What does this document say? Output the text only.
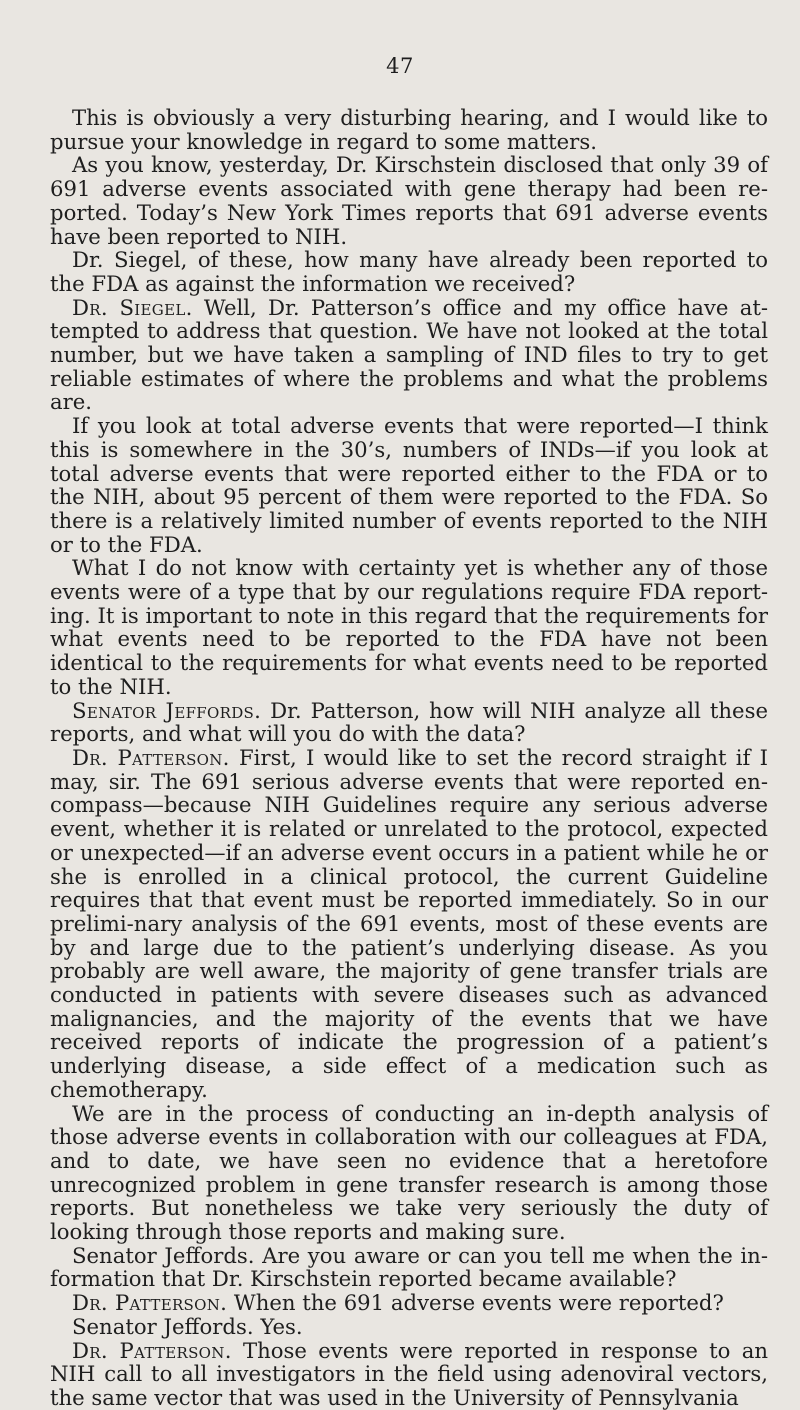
47

This is obviously a very disturbing hearing, and I would like to pursue your knowledge in regard to some matters.

As you know, yesterday, Dr. Kirschstein disclosed that only 39 of 691 adverse events associated with gene therapy had been re-ported. Today’s New York Times reports that 691 adverse events have been reported to NIH.

Dr. Siegel, of these, how many have already been reported to the FDA as against the information we received?

Dr. Siegel. Well, Dr. Patterson’s office and my office have at-tempted to address that question. We have not looked at the total number, but we have taken a sampling of IND files to try to get reliable estimates of where the problems and what the problems are.

If you look at total adverse events that were reported—I think this is somewhere in the 30’s, numbers of INDs—if you look at total adverse events that were reported either to the FDA or to the NIH, about 95 percent of them were reported to the FDA. So there is a relatively limited number of events reported to the NIH or to the FDA.

What I do not know with certainty yet is whether any of those events were of a type that by our regulations require FDA report-ing. It is important to note in this regard that the requirements for what events need to be reported to the FDA have not been identical to the requirements for what events need to be reported to the NIH.

Senator Jeffords. Dr. Patterson, how will NIH analyze all these reports, and what will you do with the data?

Dr. Patterson. First, I would like to set the record straight if I may, sir. The 691 serious adverse events that were reported en-compass—because NIH Guidelines require any serious adverse event, whether it is related or unrelated to the protocol, expected or unexpected—if an adverse event occurs in a patient while he or she is enrolled in a clinical protocol, the current Guideline requires that that event must be reported immediately. So in our prelimi-nary analysis of the 691 events, most of these events are by and large due to the patient’s underlying disease. As you probably are well aware, the majority of gene transfer trials are conducted in patients with severe diseases such as advanced malignancies, and the majority of the events that we have received reports of indicate the progression of a patient’s underlying disease, a side effect of a medication such as chemotherapy.

We are in the process of conducting an in-depth analysis of those adverse events in collaboration with our colleagues at FDA, and to date, we have seen no evidence that a heretofore unrecognized problem in gene transfer research is among those reports. But nonetheless we take very seriously the duty of looking through those reports and making sure.

Senator Jeffords. Are you aware or can you tell me when the in-formation that Dr. Kirschstein reported became available?

Dr. Patterson. When the 691 adverse events were reported?

Senator Jeffords. Yes.

Dr. Patterson. Those events were reported in response to an NIH call to all investigators in the field using adenoviral vectors, the same vector that was used in the University of Pennsylvania
